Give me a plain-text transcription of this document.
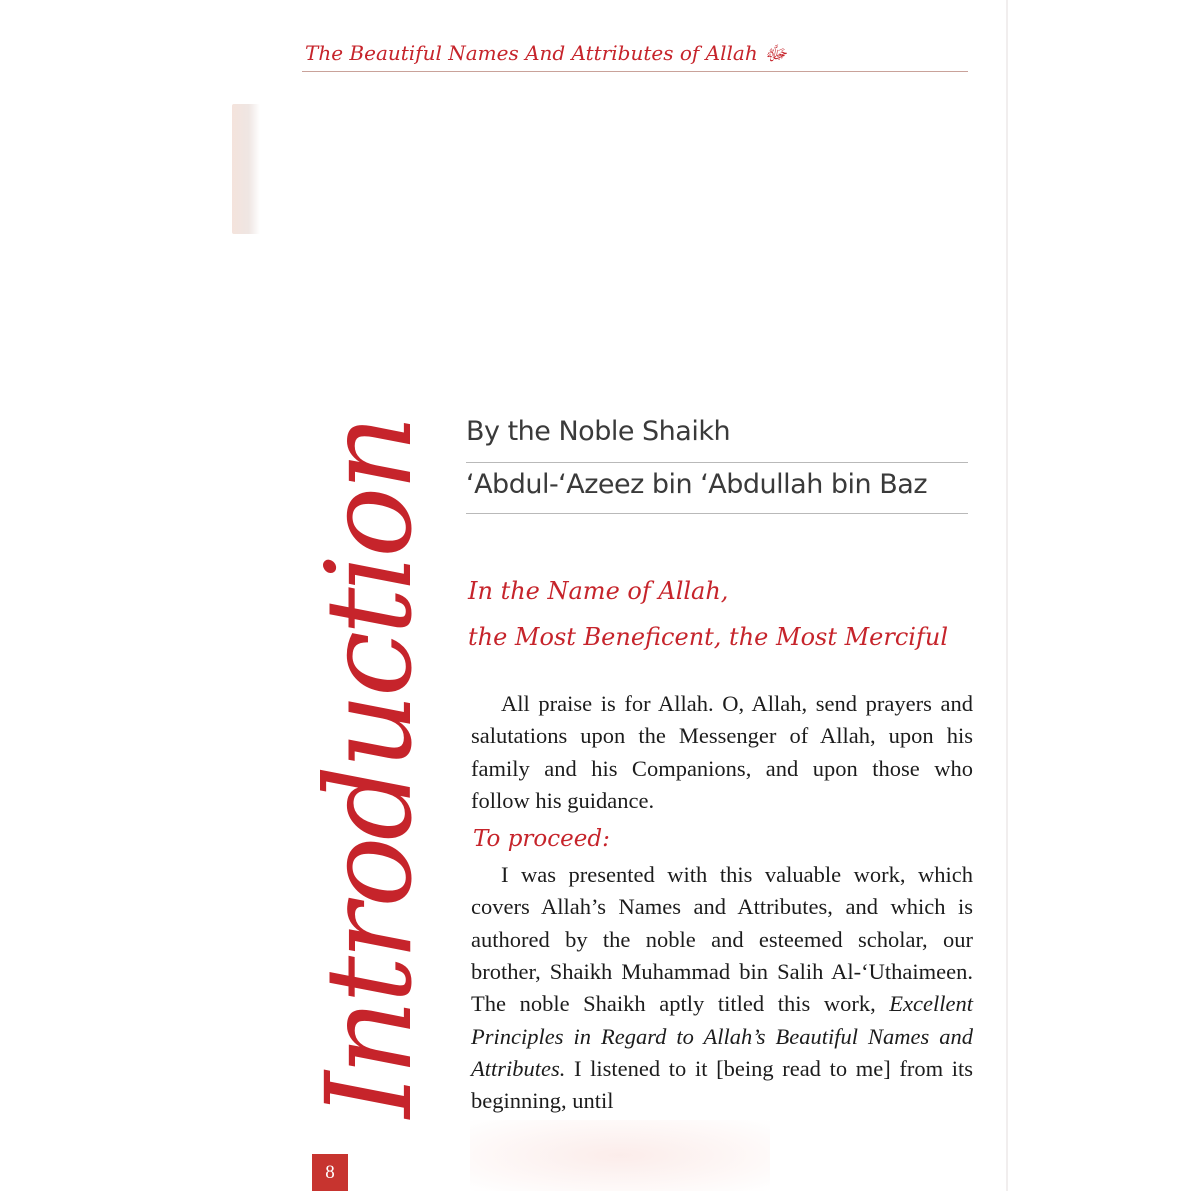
The Beautiful Names And Attributes of Allah ﷻ
Introduction By the Noble Shaikh
‘Abdul-‘Azeez bin ‘Abdullah bin Baz
In the Name of Allah,
the Most Beneficent, the Most Merciful

All praise is for Allah. O, Allah, send prayers and salutations upon the Messenger of Allah, upon his family and his Companions, and upon those who follow his guidance.

To proceed:

I was presented with this valuable work, which covers Allah’s Names and Attributes, and which is authored by the noble and esteemed scholar, our brother, Shaikh Muhammad bin Salih Al-‘Uthaimeen. The noble Shaikh aptly titled this work, Excellent Principles in Regard to Allah’s Beautiful Names and Attributes. I listened to it [being read to me] from its beginning, until

8
